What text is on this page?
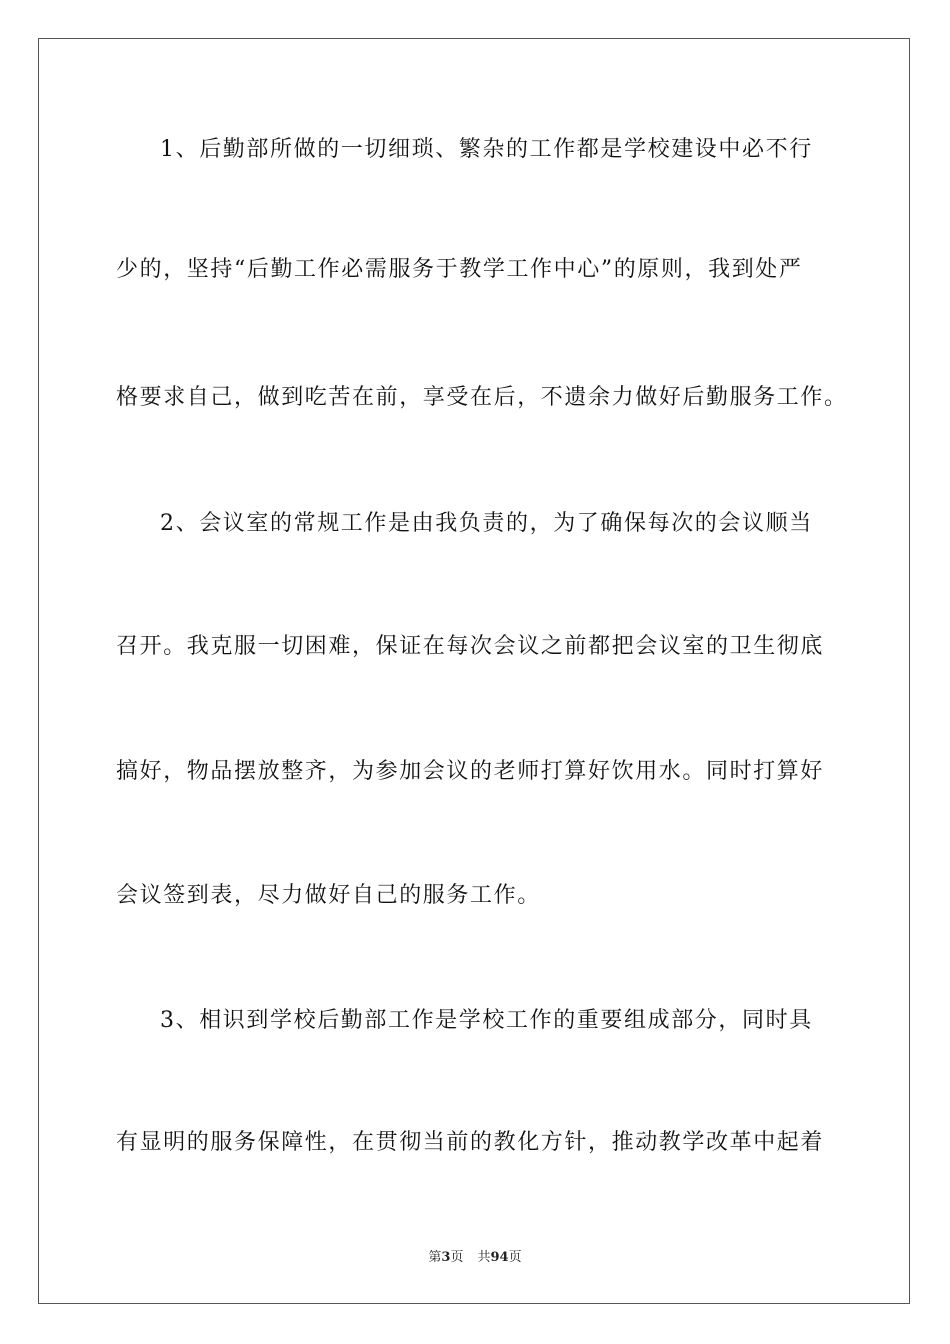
1、后勤部所做的一切细琐、繁杂的工作都是学校建设中必不行
少的，坚持“后勤工作必需服务于教学工作中心”的原则，我到处严
格要求自己，做到吃苦在前，享受在后，不遗余力做好后勤服务工作。
2、会议室的常规工作是由我负责的，为了确保每次的会议顺当
召开。我克服一切困难，保证在每次会议之前都把会议室的卫生彻底
搞好，物品摆放整齐，为参加会议的老师打算好饮用水。同时打算好
会议签到表，尽力做好自己的服务工作。
3、相识到学校后勤部工作是学校工作的重要组成部分，同时具
有显明的服务保障性，在贯彻当前的教化方针，推动教学改革中起着
第3页 共94页
